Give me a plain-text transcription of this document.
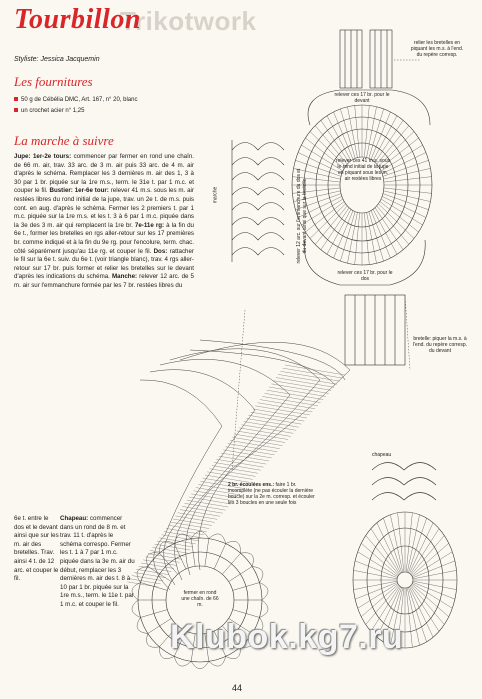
Trikotwork
Tourbillon
Styliste: Jessica Jacquemin
Les fournitures
50 g de Cébélia DMC, Art. 167, n° 20, blanc
un crochet acier n° 1,25
La marche à suivre
Jupe: 1er-2e tours: commencer par fermer en rond une chaîn. de 66 m. air, trav. 33 arc. de 3 m. air puis 33 arc. de 4 m. air d'après le schéma. Remplacer les 3 dernières m. air des 1, 3 à 30 par 1 br. piquée sur la 1re m.s., term. le 31e t. par 1 m.c. et couper le fil. Bustier: 1er-6e tour: relever 41 m.s. sous les m. air restées libres du rond initial de la jupe, trav. un 2e t. de m.s. puis cont. en aug. d'après le schéma. Fermer les 2 premiers t. par 1 m.c. piquée sur la 1re m.s. et les t. 3 à 6 par 1 m.c. piquée dans la 3e des 3 m. air qui remplacent la 1re br. 7e-11e rg: à la fin du 6e t., former les bretelles en rgs aller-retour sur les 17 premières br. comme indiqué et à la fin du 9e rg. pour l'encolure, term. chac. côté séparément jusqu'au 11e rg. et couper le fil. Dos: rattacher le fil sur la 6e t. suiv. du 6e t. (voir triangle blanc), trav. 4 rgs aller-retour sur 17 br. puis former et relier les bretelles sur le devant d'après les indications du schéma. Manche: relever 12 arc. de 5 m. air sur l'emmanchure formée par les 7 br. restées libres du
6e t. entre le dos et le devant ainsi que sur les m. air des bretelles. Trav. ainsi 4 t. de 12 arc. et couper le fil.
Chapeau: commencer dans un rond de 8 m. et trav. 11 t. d'après le schéma correspo. Fermer les t. 1 à 7 par 1 m.c. piquée dans la 3e m. air du début, remplacer les 3 dernières m. air des t. 8 à 10 par 1 br. piquée sur la 1re m.s., term. le 11e t. par 1 m.c. et couper le fil.
relier les bretelles en piquant les m.s. à l'end. du repère corresp.
relever ces 17 br. pour le devant
relever ces 41 m.s. sous le rond initial de la jupe en piquant sous les m. air restées libres
relever 12 arc. sur l'emmanchure du dos et du devant ainsi que sur la bretelle
relever ces 17 br. pour le dos
bretelle: piquer la m.s. à l'end. du repère corresp. du devant
marche
chapeau
2 br. écoulées ens.: faire 1 br. incomplète (ne pas écouler la dernière boucle) sur la 2e m. corresp. et écouler les 3 boucles en une seule fois
fermer en rond une chaîn. de 66 m.
Klubok.kg7.ru
44
